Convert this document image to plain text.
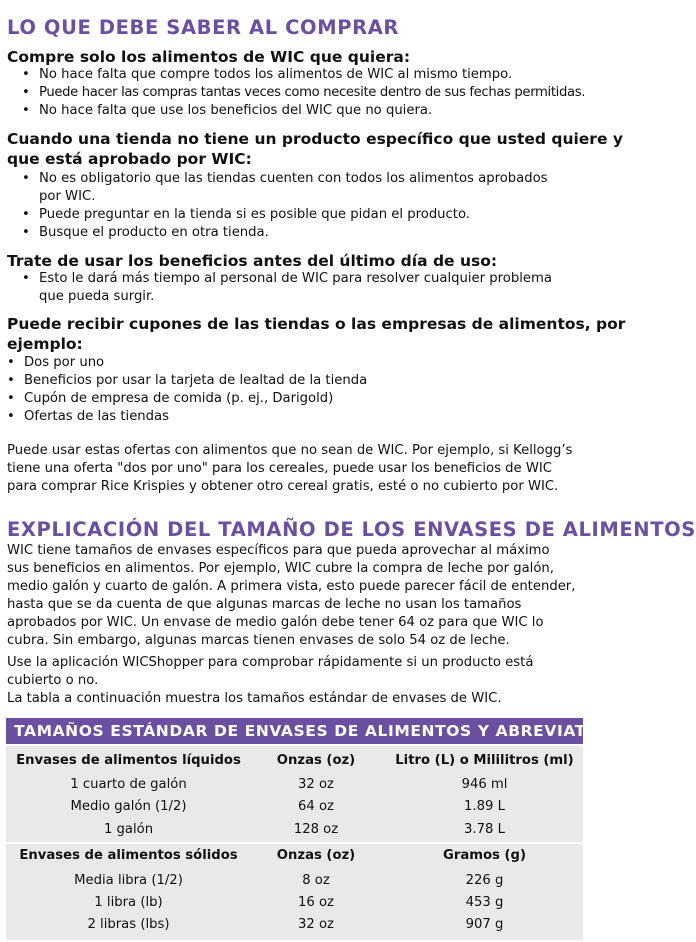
LO QUE DEBE SABER AL COMPRAR
Compre solo los alimentos de WIC que quiera:
• No hace falta que compre todos los alimentos de WIC al mismo tiempo.
• Puede hacer las compras tantas veces como necesite dentro de sus fechas permitidas.
• No hace falta que use los beneficios del WIC que no quiera.
Cuando una tienda no tiene un producto específico que usted quiere y
que está aprobado por WIC:
• No es obligatorio que las tiendas cuenten con todos los alimentos aprobados
por WIC.
• Puede preguntar en la tienda si es posible que pidan el producto.
• Busque el producto en otra tienda.
Trate de usar los beneficios antes del último día de uso:
• Esto le dará más tiempo al personal de WIC para resolver cualquier problema
que pueda surgir.
Puede recibir cupones de las tiendas o las empresas de alimentos, por
ejemplo:
• Dos por uno
• Beneficios por usar la tarjeta de lealtad de la tienda
• Cupón de empresa de comida (p. ej., Darigold)
• Ofertas de las tiendas
Puede usar estas ofertas con alimentos que no sean de WIC. Por ejemplo, si Kellogg’s
tiene una oferta "dos por uno" para los cereales, puede usar los beneficios de WIC
para comprar Rice Krispies y obtener otro cereal gratis, esté o no cubierto por WIC.
EXPLICACIÓN DEL TAMAÑO DE LOS ENVASES DE ALIMENTOS
WIC tiene tamaños de envases específicos para que pueda aprovechar al máximo
sus beneficios en alimentos. Por ejemplo, WIC cubre la compra de leche por galón,
medio galón y cuarto de galón. A primera vista, esto puede parecer fácil de entender,
hasta que se da cuenta de que algunas marcas de leche no usan los tamaños
aprobados por WIC. Un envase de medio galón debe tener 64 oz para que WIC lo
cubra. Sin embargo, algunas marcas tienen envases de solo 54 oz de leche.
Use la aplicación WICShopper para comprobar rápidamente si un producto está
cubierto o no.
La tabla a continuación muestra los tamaños estándar de envases de WIC.
TAMAÑOS ESTÁNDAR DE ENVASES DE ALIMENTOS Y ABREVIATURAS
Envases de alimentos líquidos	Onzas (oz)	Litro (L) o Mililitros (ml)
1 cuarto de galón	32 oz	946 ml
Medio galón (1/2)	64 oz	1.89 L
1 galón	128 oz	3.78 L
Envases de alimentos sólidos	Onzas (oz)	Gramos (g)
Media libra (1/2)	8 oz	226 g
1 libra (lb)	16 oz	453 g
2 libras (lbs)	32 oz	907 g
